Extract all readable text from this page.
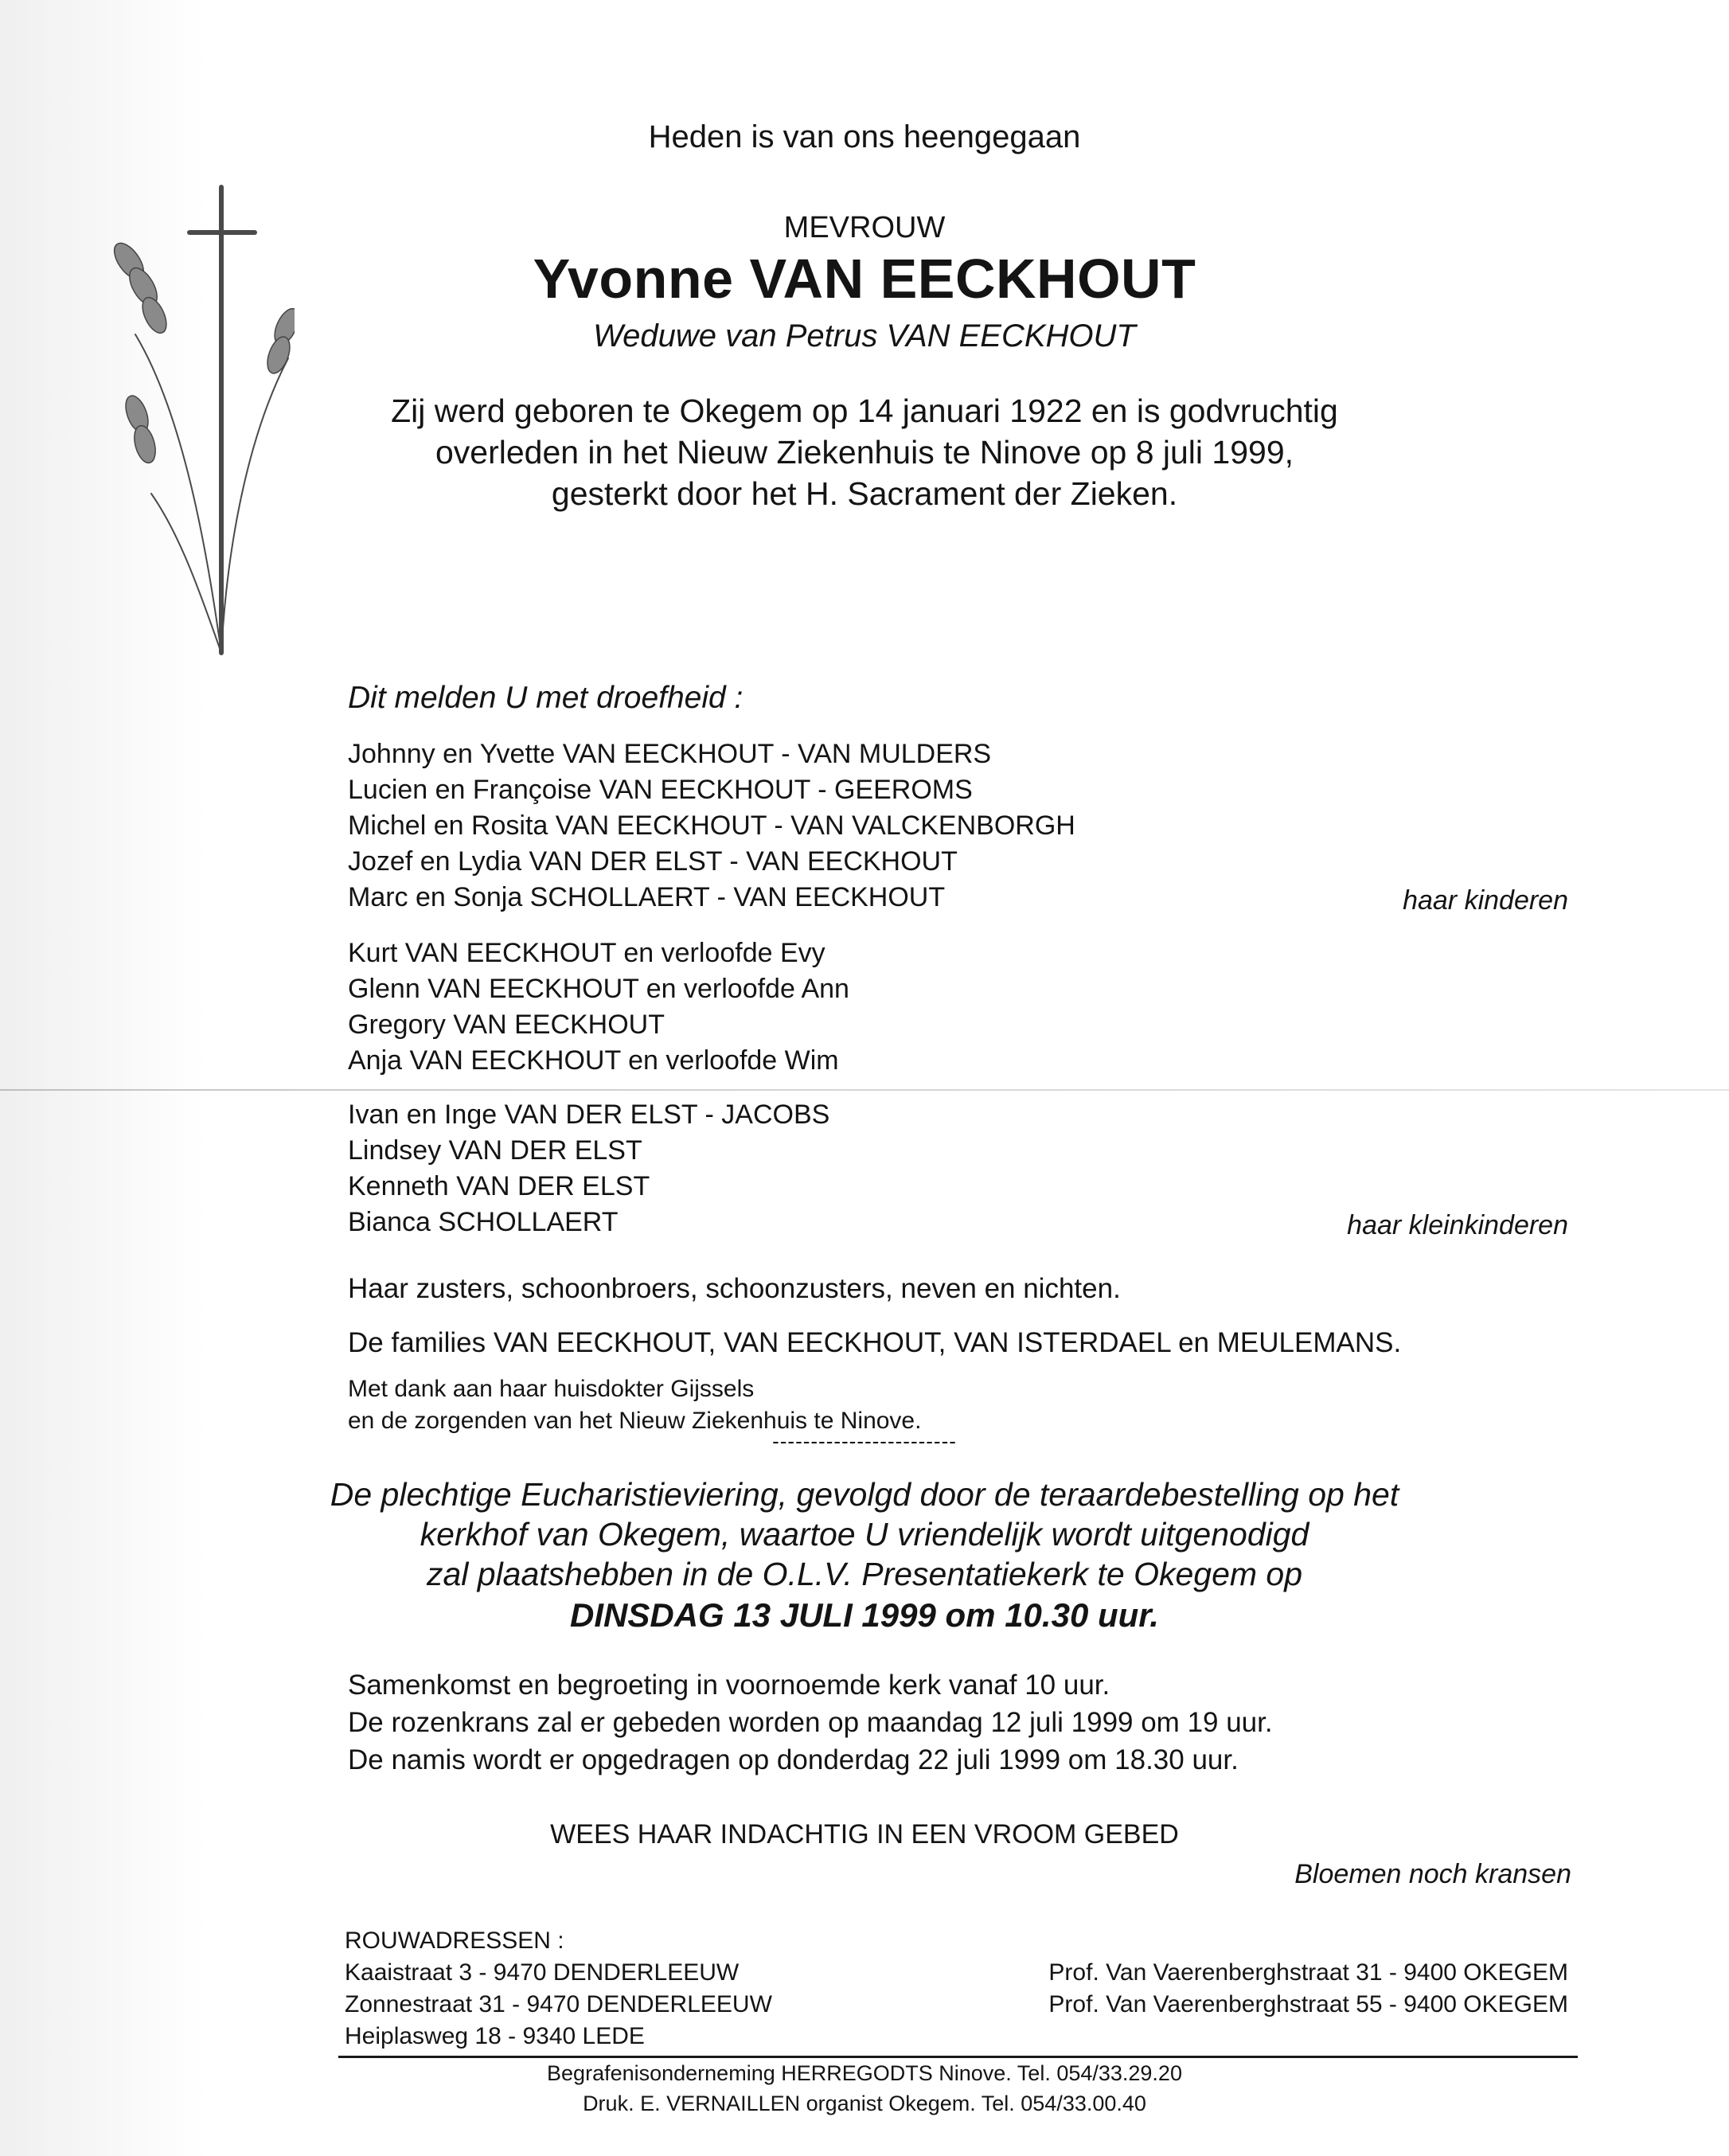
Heden is van ons heengegaan
MEVROUW
Yvonne VAN EECKHOUT
Weduwe van Petrus VAN EECKHOUT
Zij werd geboren te Okegem op 14 januari 1922 en is godvruchtig
overleden in het Nieuw Ziekenhuis te Ninove op 8 juli 1999,
gesterkt door het H. Sacrament der Zieken.
Dit melden U met droefheid :
Johnny en Yvette VAN EECKHOUT - VAN MULDERS
Lucien en Françoise VAN EECKHOUT - GEEROMS
Michel en Rosita VAN EECKHOUT - VAN VALCKENBORGH
Jozef en Lydia VAN DER ELST - VAN EECKHOUT
Marc en Sonja SCHOLLAERT - VAN EECKHOUT	haar kinderen
Kurt VAN EECKHOUT en verloofde Evy
Glenn VAN EECKHOUT en verloofde Ann
Gregory VAN EECKHOUT
Anja VAN EECKHOUT en verloofde Wim
Ivan en Inge VAN DER ELST - JACOBS
Lindsey VAN DER ELST
Kenneth VAN DER ELST
Bianca SCHOLLAERT	haar kleinkinderen
Haar zusters, schoonbroers, schoonzusters, neven en nichten.
De families VAN EECKHOUT, VAN EECKHOUT, VAN ISTERDAEL en MEULEMANS.
Met dank aan haar huisdokter Gijssels
en de zorgenden van het Nieuw Ziekenhuis te Ninove.
------------------------
De plechtige Eucharistieviering, gevolgd door de teraardebestelling op het
kerkhof van Okegem, waartoe U vriendelijk wordt uitgenodigd
zal plaatshebben in de O.L.V. Presentatiekerk te Okegem op
DINSDAG 13 JULI 1999 om 10.30 uur.
Samenkomst en begroeting in voornoemde kerk vanaf 10 uur.
De rozenkrans zal er gebeden worden op maandag 12 juli 1999 om 19 uur.
De namis wordt er opgedragen op donderdag 22 juli 1999 om 18.30 uur.
WEES HAAR INDACHTIG IN EEN VROOM GEBED
Bloemen noch kransen
ROUWADRESSEN :
Kaaistraat 3 - 9470 DENDERLEEUW
Zonnestraat 31 - 9470 DENDERLEEUW
Heiplasweg 18 - 9340 LEDE
Prof. Van Vaerenberghstraat 31 - 9400 OKEGEM
Prof. Van Vaerenberghstraat 55 - 9400 OKEGEM
Begrafenisonderneming HERREGODTS Ninove. Tel. 054/33.29.20
Druk. E. VERNAILLEN organist Okegem. Tel. 054/33.00.40
